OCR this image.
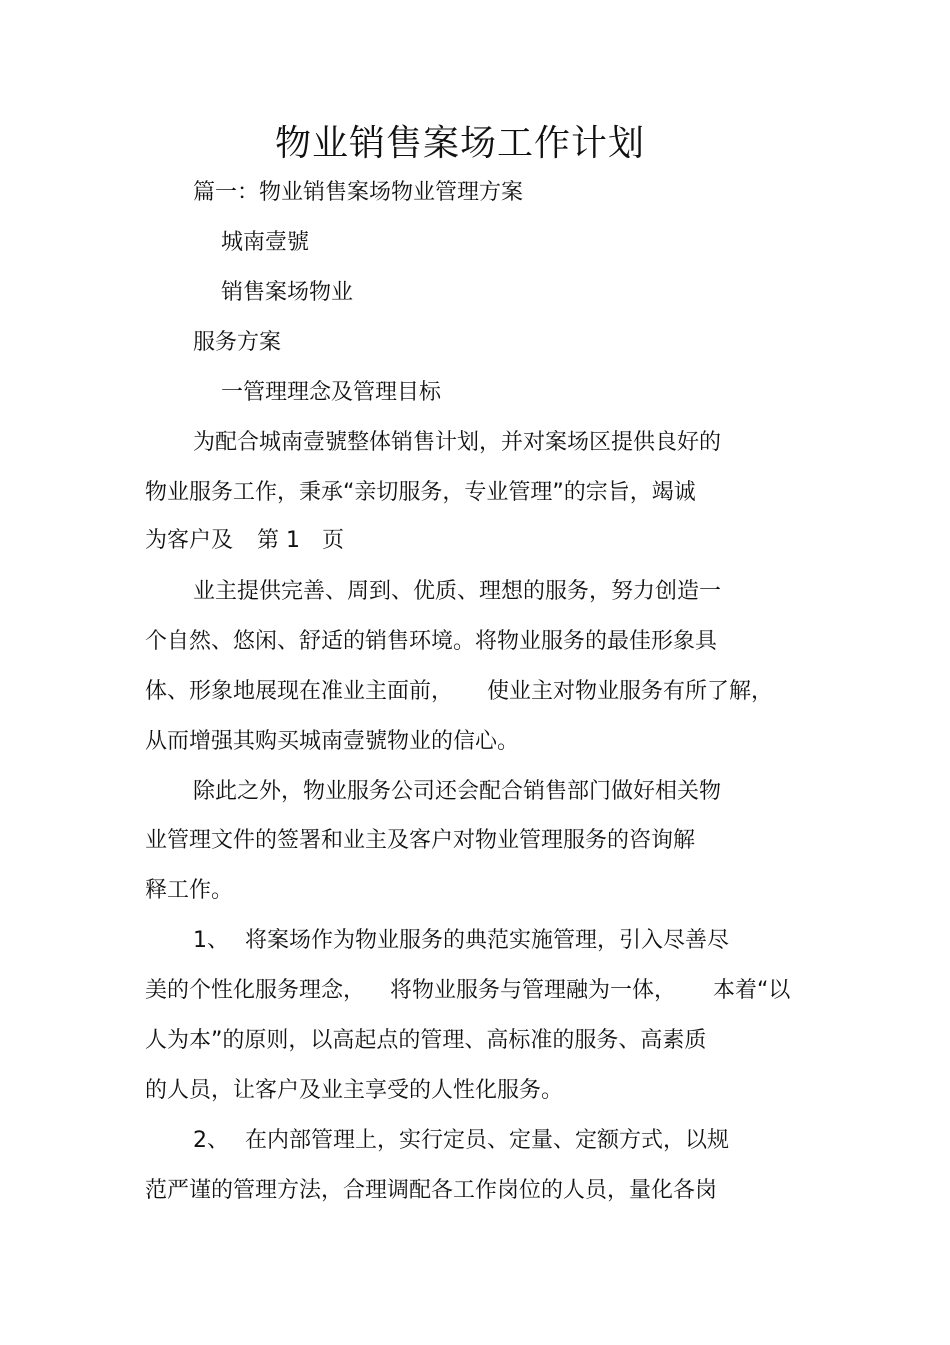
物业销售案场工作计划
篇一：物业销售案场物业管理方案
城南壹號
销售案场物业
服务方案
一管理理念及管理目标
为配合城南壹號整体销售计划，并对案场区提供良好的
物业服务工作，秉承“亲切服务，专业管理”的宗旨，竭诚
为客户及 第 1　页
业主提供完善、周到、优质、理想的服务，努力创造一
个自然、悠闲、舒适的销售环境。将物业服务的最佳形象具
体、形象地展现在准业主面前， 使业主对物业服务有所了解，
从而增强其购买城南壹號物业的信心。
除此之外，物业服务公司还会配合销售部门做好相关物
业管理文件的签署和业主及客户对物业管理服务的咨询解
释工作。
1、 将案场作为物业服务的典范实施管理，引入尽善尽
美的个性化服务理念， 将物业服务与管理融为一体， 本着“以
人为本”的原则，以高起点的管理、高标准的服务、高素质
的人员，让客户及业主享受的人性化服务。
2、 在内部管理上，实行定员、定量、定额方式，以规
范严谨的管理方法，合理调配各工作岗位的人员，量化各岗
